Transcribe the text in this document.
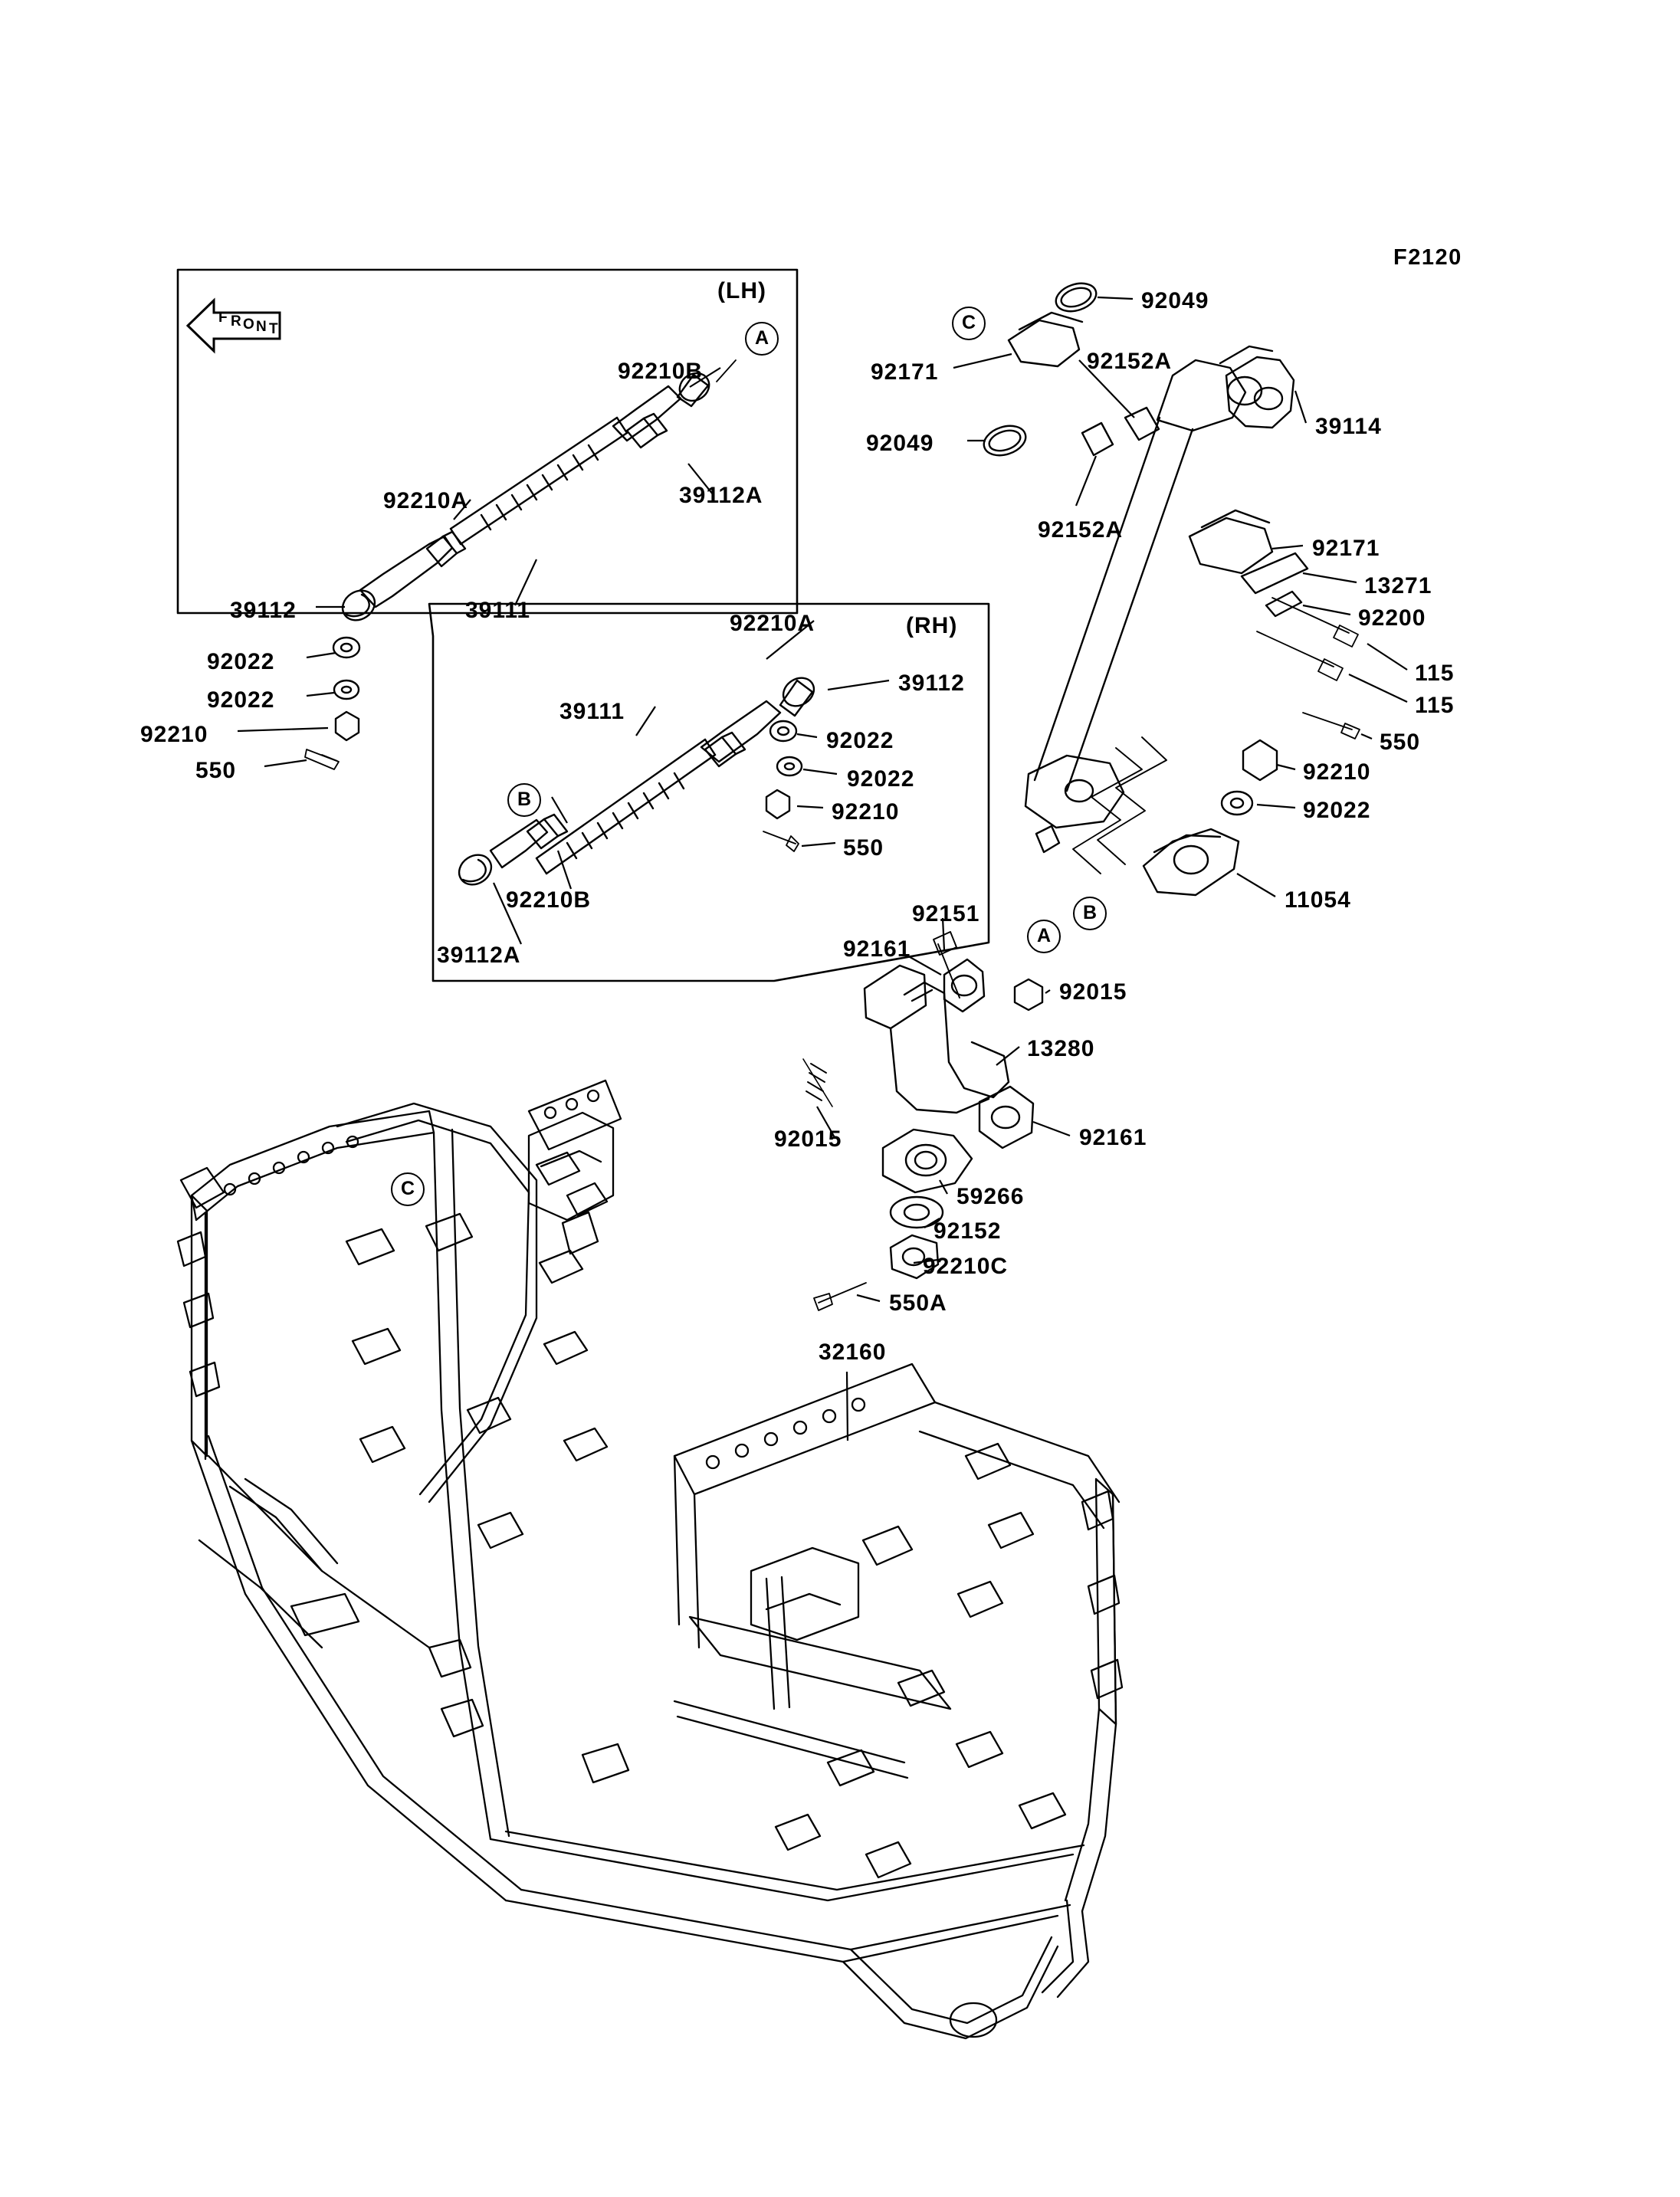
F2120
F R O N T
(LH)
A
92210B
39112A
92210A
39112	39111
92022
92022
92210
550
(RH)
92210A
39112
39111
92022
92022
92210
550
B
92210B
39112A
C
92049
92171	92152A
92049
92152A
39114
92171
13271
92200
115
115
550
92210
92022
11054
A
B
92151
92161
92015
13280
92015	92161
59266
92152
92210C
550A
32160
C
